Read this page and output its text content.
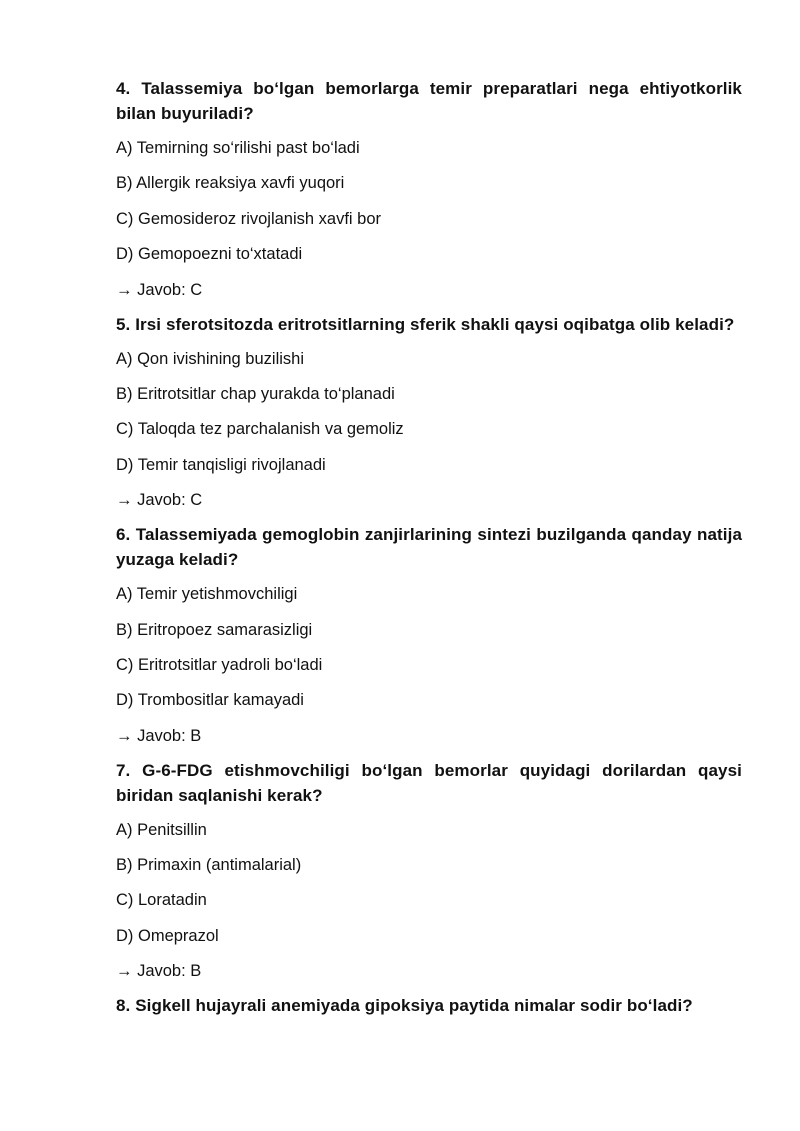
4. Talassemiya bo‘lgan bemorlarga temir preparatlari nega ehtiyotkorlik bilan buyuriladi?

A) Temirning so‘rilishi past bo‘ladi

B) Allergik reaksiya xavfi yuqori

C) Gemosideroz rivojlanish xavfi bor

D) Gemopoezni to‘xtatadi

→ Javob: C

5. Irsi sferotsitozda eritrotsitlarning sferik shakli qaysi oqibatga olib keladi?

A) Qon ivishining buzilishi

B) Eritrotsitlar chap yurakda to‘planadi

C) Taloqda tez parchalanish va gemoliz

D) Temir tanqisligi rivojlanadi

→ Javob: C

6. Talassemiyada gemoglobin zanjirlarining sintezi buzilganda qanday natija yuzaga keladi?

A) Temir yetishmovchiligi

B) Eritropoez samarasizligi

C) Eritrotsitlar yadroli bo‘ladi

D) Trombositlar kamayadi

→ Javob: B

7. G-6-FDG etishmovchiligi bo‘lgan bemorlar quyidagi dorilardan qaysi biridan saqlanishi kerak?

A) Penitsillin

B) Primaxin (antimalarial)

C) Loratadin

D) Omeprazol

→ Javob: B

8. Sigkell hujayrali anemiyada gipoksiya paytida nimalar sodir bo‘ladi?
